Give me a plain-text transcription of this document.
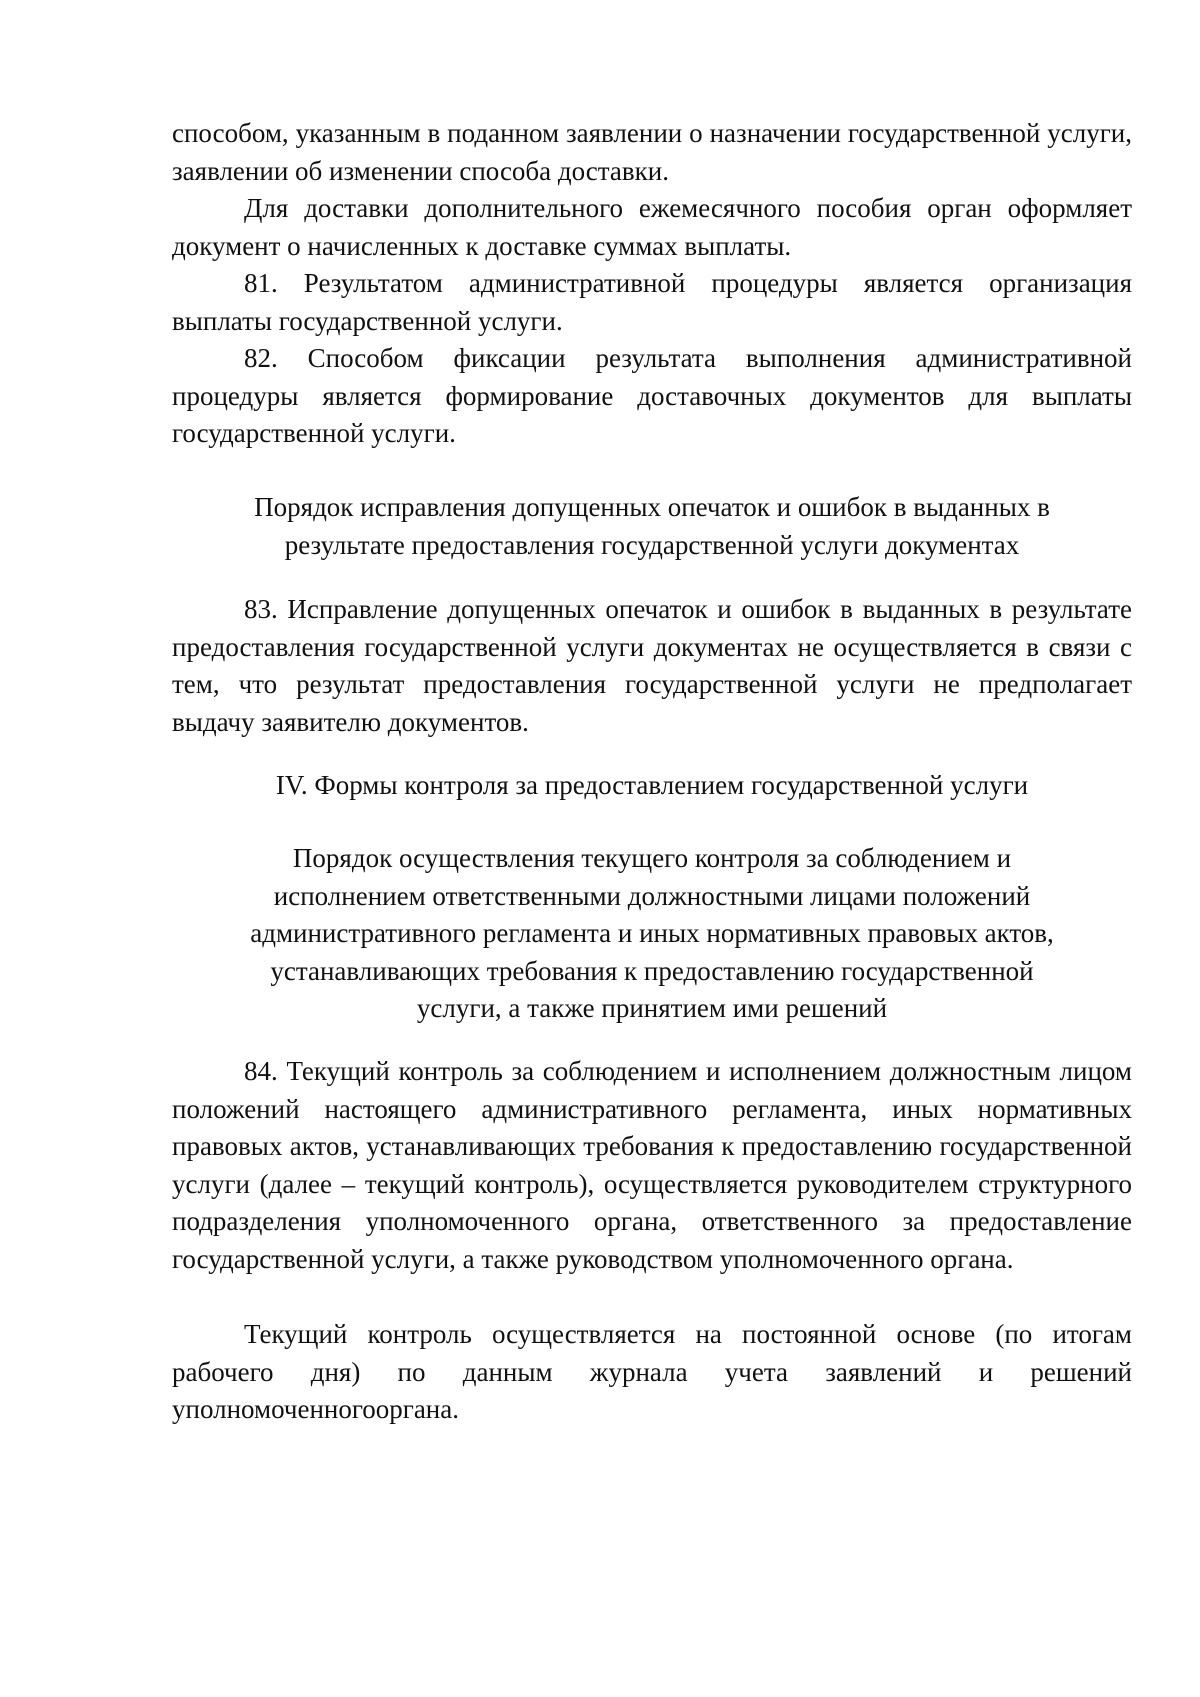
способом, указанным в поданном заявлении о назначении государственной услуги, заявлении об изменении способа доставки.

Для доставки дополнительного ежемесячного пособия орган оформляет документ о начисленных к доставке суммах выплаты.

81. Результатом административной процедуры является организация выплаты государственной услуги.

82. Способом фиксации результата выполнения административной процедуры является формирование доставочных документов для выплаты государственной услуги.

Порядок исправления допущенных опечаток и ошибок в выданных в
результате предоставления государственной услуги документах

83. Исправление допущенных опечаток и ошибок в выданных в результате предоставления государственной услуги документах не осуществляется в связи с тем, что результат предоставления государственной услуги не предполагает выдачу заявителю документов.

IV. Формы контроля за предоставлением государственной услуги
Порядок осуществления текущего контроля за соблюдением и
исполнением ответственными должностными лицами положений
административного регламента и иных нормативных правовых актов,
устанавливающих требования к предоставлению государственной
услуги, а также принятием ими решений

84. Текущий контроль за соблюдением и исполнением должностным лицом положений настоящего административного регламента, иных нормативных правовых актов, устанавливающих требования к предоставлению государственной услуги (далее – текущий контроль), осуществляется руководителем структурного подразделения уполномоченного органа, ответственного за предоставление государственной услуги, а также руководством уполномоченного органа.

Текущий контроль осуществляется на постоянной основе (по итогам рабочего дня) по данным журнала учета заявлений и решений уполномоченногооргана.
